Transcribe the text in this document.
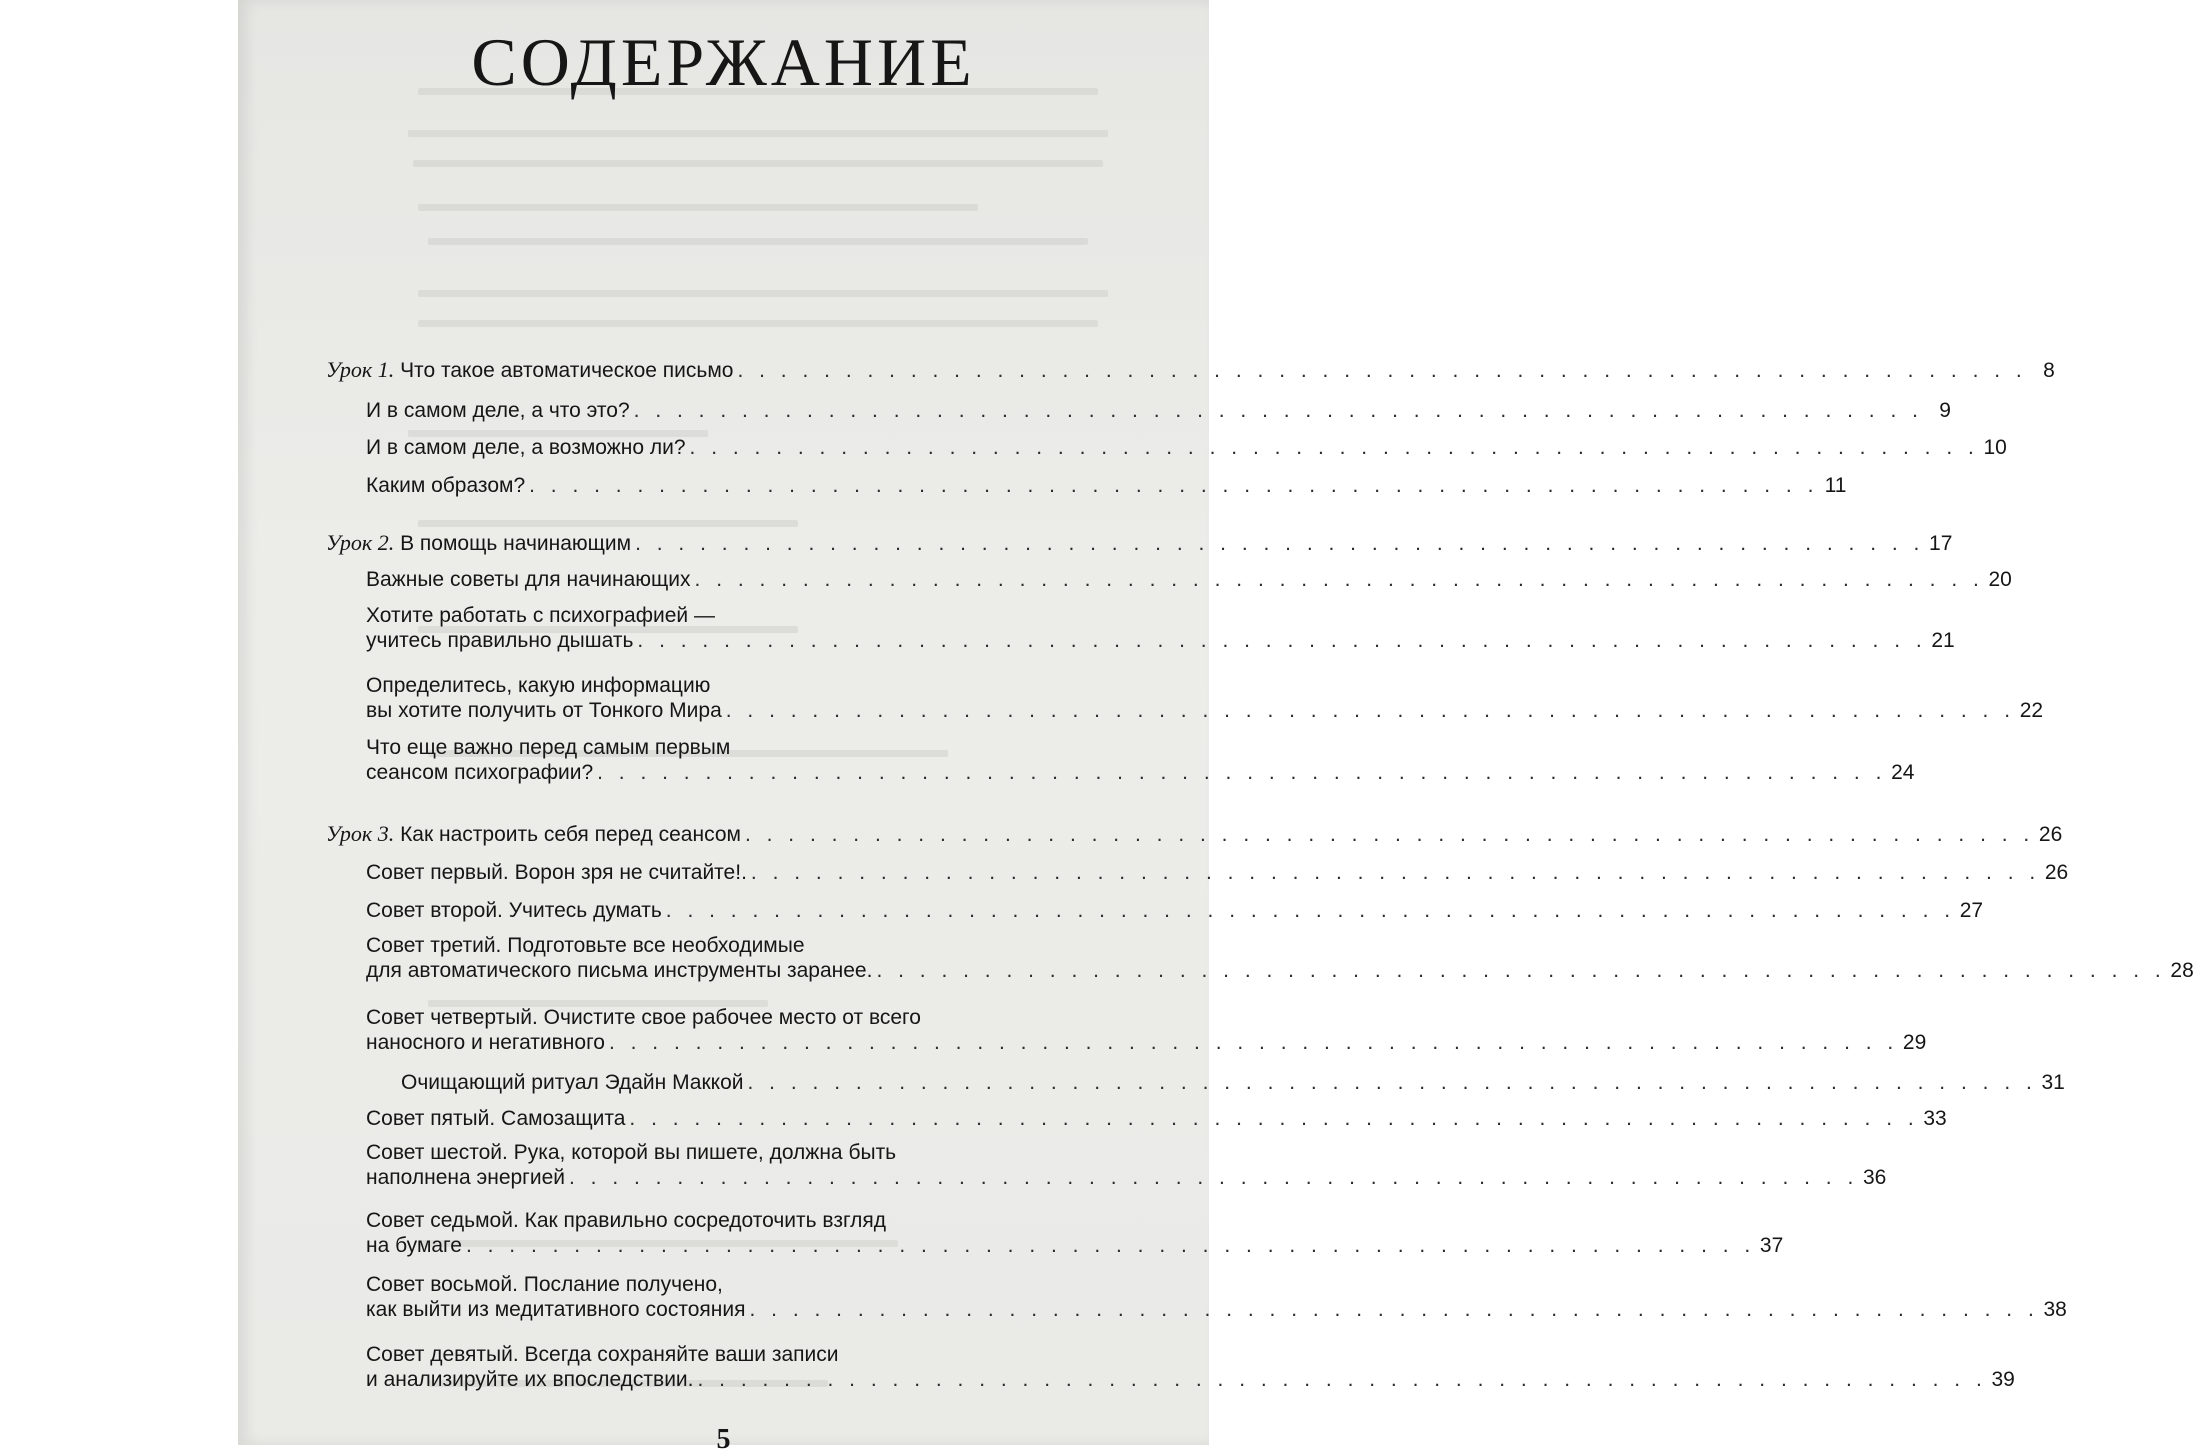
СОДЕРЖАНИЕ
Урок 1. Что такое автоматическое письмо . . . . . . . . . . . . . . . . . . . . . . . . . . . . . . . . . . . . . . . . . . . . . . . . . . . . . . . . . . . . 8
И в самом деле, а что это? . . . . . . . . . . . . . . . . . . . . . . . . . . . . . . . . . . . . . . . . . . . . . . . . . . . . . . . . . . . . 9
И в самом деле, а возможно ли? . . . . . . . . . . . . . . . . . . . . . . . . . . . . . . . . . . . . . . . . . . . . . . . . . . . . . . . . . . . . 10
Каким образом? . . . . . . . . . . . . . . . . . . . . . . . . . . . . . . . . . . . . . . . . . . . . . . . . . . . . . . . . . . . . 11
Урок 2. В помощь начинающим . . . . . . . . . . . . . . . . . . . . . . . . . . . . . . . . . . . . . . . . . . . . . . . . . . . . . . . . . . . . 17
Важные советы для начинающих . . . . . . . . . . . . . . . . . . . . . . . . . . . . . . . . . . . . . . . . . . . . . . . . . . . . . . . . . . . . 20
Хотите работать с психографией —
учитесь правильно дышать . . . . . . . . . . . . . . . . . . . . . . . . . . . . . . . . . . . . . . . . . . . . . . . . . . . . . . . . . . . . 21
Определитесь, какую информацию
вы хотите получить от Тонкого Мира . . . . . . . . . . . . . . . . . . . . . . . . . . . . . . . . . . . . . . . . . . . . . . . . . . . . . . . . . . . . 22
Что еще важно перед самым первым
сеансом психографии? . . . . . . . . . . . . . . . . . . . . . . . . . . . . . . . . . . . . . . . . . . . . . . . . . . . . . . . . . . . . 24
Урок 3. Как настроить себя перед сеансом . . . . . . . . . . . . . . . . . . . . . . . . . . . . . . . . . . . . . . . . . . . . . . . . . . . . . . . . . . . . 26
Совет первый. Ворон зря не считайте!. . . . . . . . . . . . . . . . . . . . . . . . . . . . . . . . . . . . . . . . . . . . . . . . . . . . . . . . . . . . . 26
Совет второй. Учитесь думать . . . . . . . . . . . . . . . . . . . . . . . . . . . . . . . . . . . . . . . . . . . . . . . . . . . . . . . . . . . . 27
Совет третий. Подготовьте все необходимые
для автоматического письма инструменты заранее. . . . . . . . . . . . . . . . . . . . . . . . . . . . . . . . . . . . . . . . . . . . . . . . . . . . . . . . . . . . . 28
Совет четвертый. Очистите свое рабочее место от всего
наносного и негативного . . . . . . . . . . . . . . . . . . . . . . . . . . . . . . . . . . . . . . . . . . . . . . . . . . . . . . . . . . . . 29
Очищающий ритуал Эдайн Маккой . . . . . . . . . . . . . . . . . . . . . . . . . . . . . . . . . . . . . . . . . . . . . . . . . . . . . . . . . . . . 31
Совет пятый. Самозащита . . . . . . . . . . . . . . . . . . . . . . . . . . . . . . . . . . . . . . . . . . . . . . . . . . . . . . . . . . . . 33
Совет шестой. Рука, которой вы пишете, должна быть
наполнена энергией . . . . . . . . . . . . . . . . . . . . . . . . . . . . . . . . . . . . . . . . . . . . . . . . . . . . . . . . . . . . 36
Совет седьмой. Как правильно сосредоточить взгляд
на бумаге . . . . . . . . . . . . . . . . . . . . . . . . . . . . . . . . . . . . . . . . . . . . . . . . . . . . . . . . . . . . 37
Совет восьмой. Послание получено,
как выйти из медитативного состояния . . . . . . . . . . . . . . . . . . . . . . . . . . . . . . . . . . . . . . . . . . . . . . . . . . . . . . . . . . . . 38
Совет девятый. Всегда сохраняйте ваши записи
и анализируйте их впоследствии. . . . . . . . . . . . . . . . . . . . . . . . . . . . . . . . . . . . . . . . . . . . . . . . . . . . . . . . . . . . . 39
5
